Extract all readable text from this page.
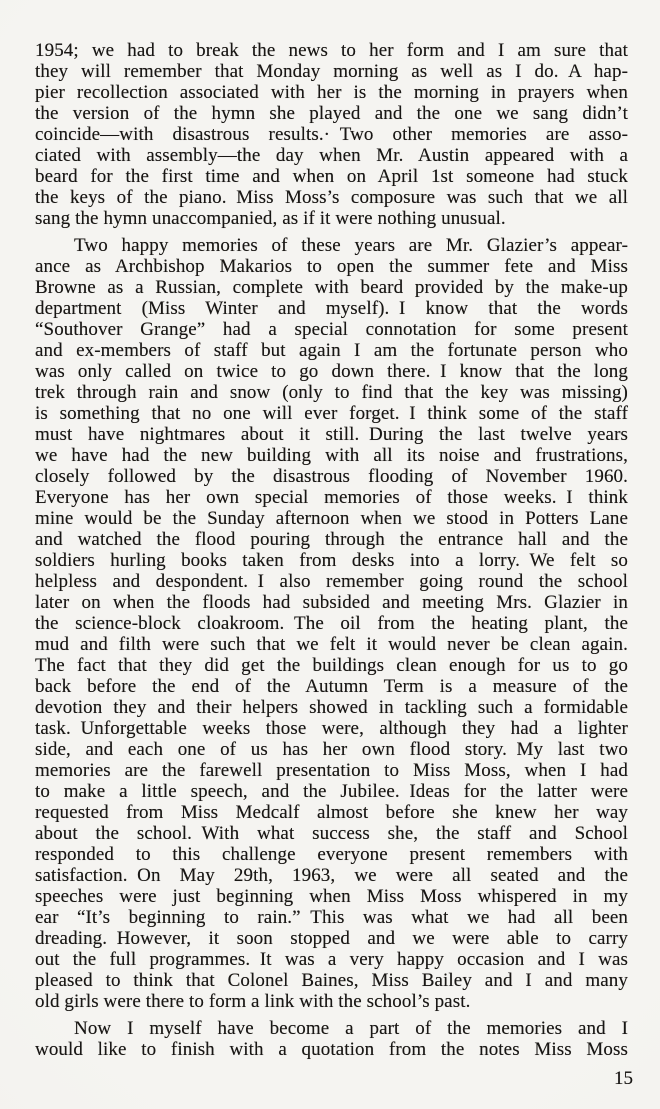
1954; we had to break the news to her form and I am sure that
they will remember that Monday morning as well as I do. A hap-
pier recollection associated with her is the morning in prayers when
the version of the hymn she played and the one we sang didn’t
coincide—with disastrous results.· Two other memories are asso-
ciated with assembly—the day when Mr. Austin appeared with a
beard for the first time and when on April 1st someone had stuck
the keys of the piano. Miss Moss’s composure was such that we all
sang the hymn unaccompanied, as if it were nothing unusual.
Two happy memories of these years are Mr. Glazier’s appear-
ance as Archbishop Makarios to open the summer fete and Miss
Browne as a Russian, complete with beard provided by the make-up
department (Miss Winter and myself). I know that the words
“Southover Grange” had a special connotation for some present
and ex-members of staff but again I am the fortunate person who
was only called on twice to go down there. I know that the long
trek through rain and snow (only to find that the key was missing)
is something that no one will ever forget. I think some of the staff
must have nightmares about it still. During the last twelve years
we have had the new building with all its noise and frustrations,
closely followed by the disastrous flooding of November 1960.
Everyone has her own special memories of those weeks. I think
mine would be the Sunday afternoon when we stood in Potters Lane
and watched the flood pouring through the entrance hall and the
soldiers hurling books taken from desks into a lorry. We felt so
helpless and despondent. I also remember going round the school
later on when the floods had subsided and meeting Mrs. Glazier in
the science-block cloakroom. The oil from the heating plant, the
mud and filth were such that we felt it would never be clean again.
The fact that they did get the buildings clean enough for us to go
back before the end of the Autumn Term is a measure of the
devotion they and their helpers showed in tackling such a formidable
task. Unforgettable weeks those were, although they had a lighter
side, and each one of us has her own flood story. My last two
memories are the farewell presentation to Miss Moss, when I had
to make a little speech, and the Jubilee. Ideas for the latter were
requested from Miss Medcalf almost before she knew her way
about the school. With what success she, the staff and School
responded to this challenge everyone present remembers with
satisfaction. On May 29th, 1963, we were all seated and the
speeches were just beginning when Miss Moss whispered in my
ear “It’s beginning to rain.” This was what we had all been
dreading. However, it soon stopped and we were able to carry
out the full programmes. It was a very happy occasion and I was
pleased to think that Colonel Baines, Miss Bailey and I and many
old girls were there to form a link with the school’s past.
Now I myself have become a part of the memories and I
would like to finish with a quotation from the notes Miss Moss
15
